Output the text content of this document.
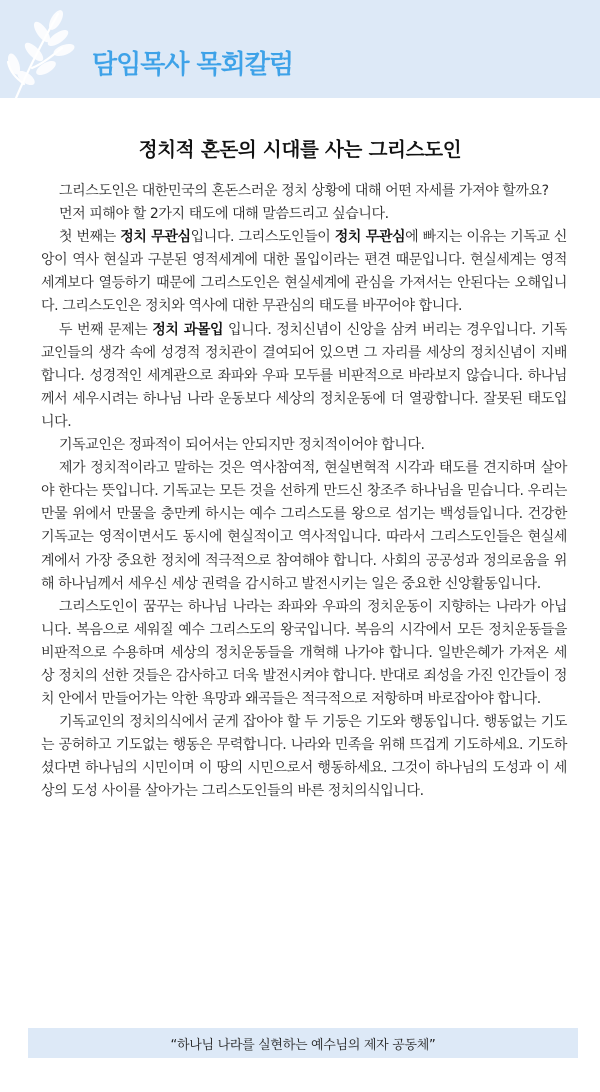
담임목사 목회칼럼
정치적 혼돈의 시대를 사는 그리스도인

그리스도인은 대한민국의 혼돈스러운 정치 상황에 대해 어떤 자세를 가져야 할까요?

먼저 피해야 할 2가지 태도에 대해 말씀드리고 싶습니다.

첫 번째는 정치 무관심입니다. 그리스도인들이 정치 무관심에 빠지는 이유는 기독교 신앙이 역사 현실과 구분된 영적세계에 대한 몰입이라는 편견 때문입니다. 현실세계는 영적 세계보다 열등하기 때문에 그리스도인은 현실세계에 관심을 가져서는 안된다는 오해입니다. 그리스도인은 정치와 역사에 대한 무관심의 태도를 바꾸어야 합니다.

두 번째 문제는 정치 과몰입 입니다. 정치신념이 신앙을 삼켜 버리는 경우입니다. 기독교인들의 생각 속에 성경적 정치관이 결여되어 있으면 그 자리를 세상의 정치신념이 지배합니다. 성경적인 세계관으로 좌파와 우파 모두를 비판적으로 바라보지 않습니다. 하나님께서 세우시려는 하나님 나라 운동보다 세상의 정치운동에 더 열광합니다. 잘못된 태도입니다.

기독교인은 정파적이 되어서는 안되지만 정치적이어야 합니다.

제가 정치적이라고 말하는 것은 역사참여적, 현실변혁적 시각과 태도를 견지하며 살아야 한다는 뜻입니다. 기독교는 모든 것을 선하게 만드신 창조주 하나님을 믿습니다. 우리는 만물 위에서 만물을 충만케 하시는 예수 그리스도를 왕으로 섬기는 백성들입니다. 건강한 기독교는 영적이면서도 동시에 현실적이고 역사적입니다. 따라서 그리스도인들은 현실세계에서 가장 중요한 정치에 적극적으로 참여해야 합니다. 사회의 공공성과 정의로움을 위해 하나님께서 세우신 세상 권력을 감시하고 발전시키는 일은 중요한 신앙활동입니다.

그리스도인이 꿈꾸는 하나님 나라는 좌파와 우파의 정치운동이 지향하는 나라가 아닙니다. 복음으로 세워질 예수 그리스도의 왕국입니다. 복음의 시각에서 모든 정치운동들을 비판적으로 수용하며 세상의 정치운동들을 개혁해 나가야 합니다. 일반은혜가 가져온 세상 정치의 선한 것들은 감사하고 더욱 발전시켜야 합니다. 반대로 죄성을 가진 인간들이 정치 안에서 만들어가는 악한 욕망과 왜곡들은 적극적으로 저항하며 바로잡아야 합니다.

기독교인의 정치의식에서 굳게 잡아야 할 두 기둥은 기도와 행동입니다. 행동없는 기도는 공허하고 기도없는 행동은 무력합니다. 나라와 민족을 위해 뜨겁게 기도하세요. 기도하셨다면 하나님의 시민이며 이 땅의 시민으로서 행동하세요. 그것이 하나님의 도성과 이 세상의 도성 사이를 살아가는 그리스도인들의 바른 정치의식입니다.

“하나님 나라를 실현하는 예수님의 제자 공동체”
